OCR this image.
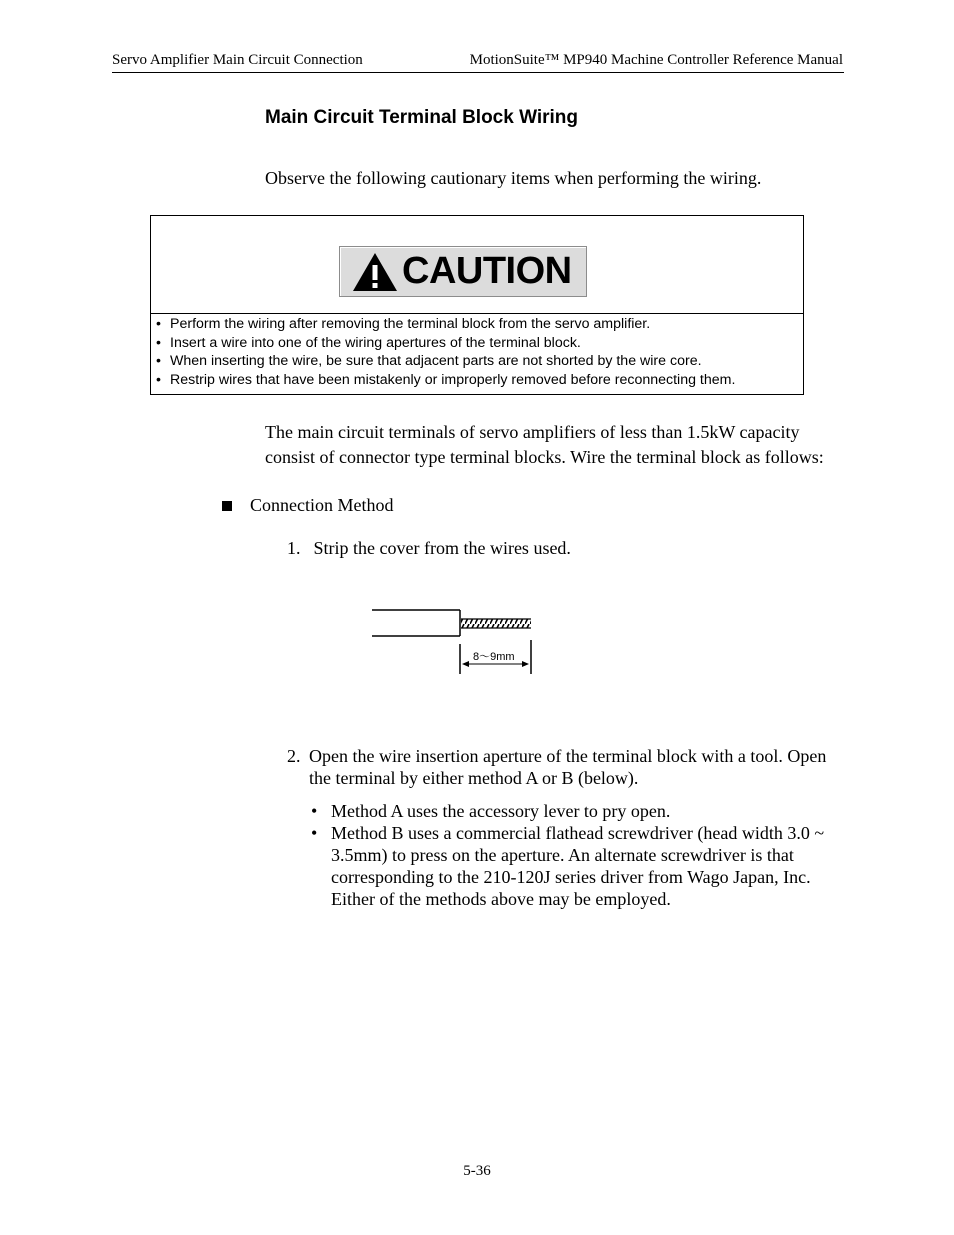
Servo Amplifier Main Circuit Connection	MotionSuite™ MP940 Machine Controller Reference Manual
Main Circuit Terminal Block Wiring
Observe the following cautionary items when performing the wiring.
CAUTION
• Perform the wiring after removing the terminal block from the servo amplifier.
• Insert a wire into one of the wiring apertures of the terminal block.
• When inserting the wire, be sure that adjacent parts are not shorted by the wire core.
• Restrip wires that have been mistakenly or improperly removed before reconnecting them.
The main circuit terminals of servo amplifiers of less than 1.5kW capacity
consist of connector type terminal blocks. Wire the terminal block as follows:
Connection Method
1. Strip the cover from the wires used.
8～9mm
2. Open the wire insertion aperture of the terminal block with a tool. Open
the terminal by either method A or B (below).
• Method A uses the accessory lever to pry open.
• Method B uses a commercial flathead screwdriver (head width 3.0 ~
3.5mm) to press on the aperture. An alternate screwdriver is that
corresponding to the 210-120J series driver from Wago Japan, Inc.
Either of the methods above may be employed.
5-36
